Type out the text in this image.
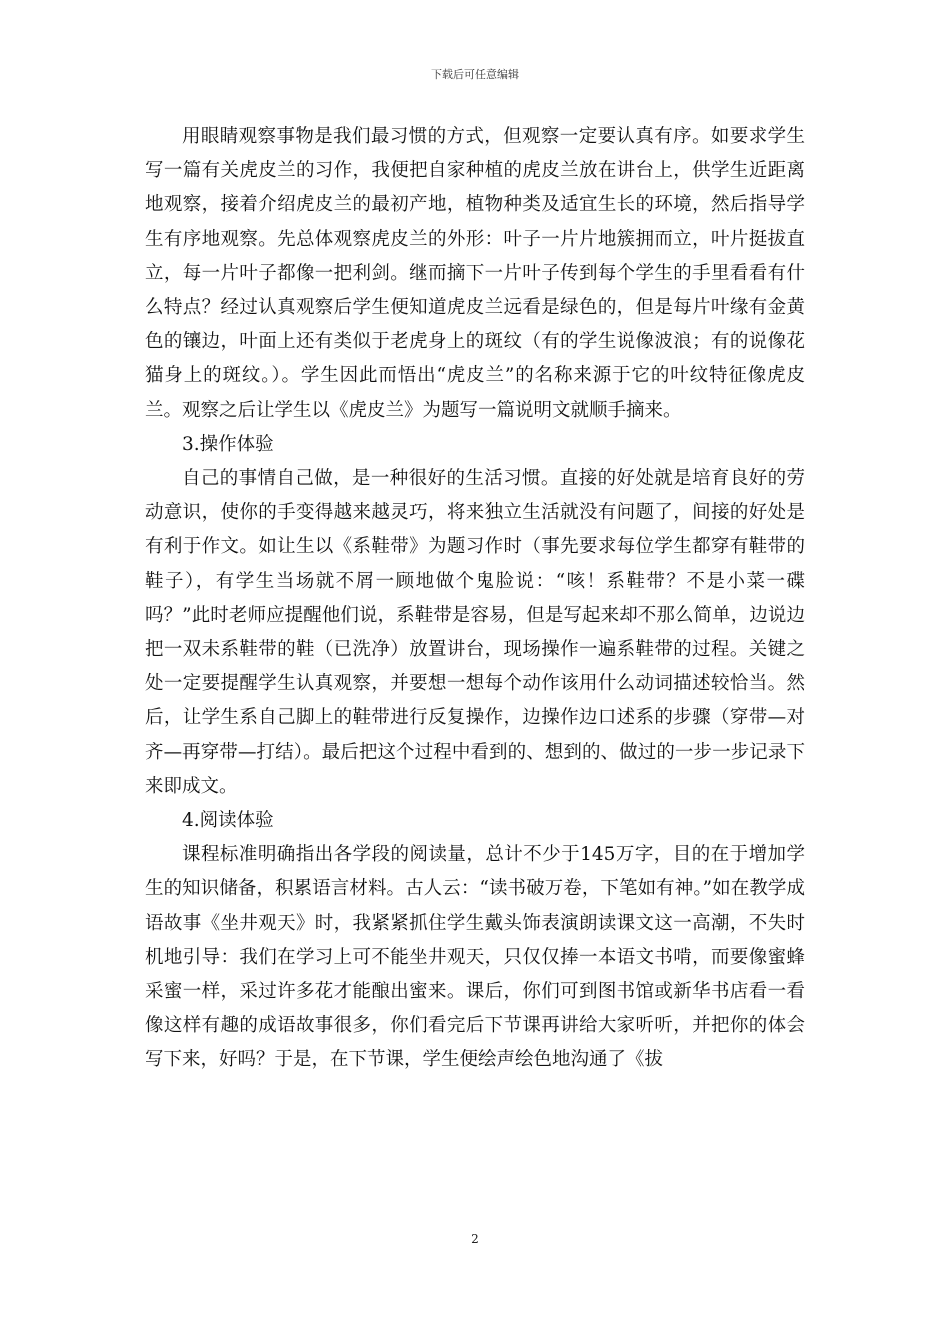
下载后可任意编辑

用眼睛观察事物是我们最习惯的方式，但观察一定要认真有序。如要求学生写一篇有关虎皮兰的习作，我便把自家种植的虎皮兰放在讲台上，供学生近距离地观察，接着介绍虎皮兰的最初产地，植物种类及适宜生长的环境，然后指导学生有序地观察。先总体观察虎皮兰的外形：叶子一片片地簇拥而立，叶片挺拔直立，每一片叶子都像一把利剑。继而摘下一片叶子传到每个学生的手里看看有什么特点？经过认真观察后学生便知道虎皮兰远看是绿色的，但是每片叶缘有金黄色的镶边，叶面上还有类似于老虎身上的斑纹（有的学生说像波浪；有的说像花猫身上的斑纹。）。学生因此而悟出“虎皮兰”的名称来源于它的叶纹特征像虎皮兰。观察之后让学生以《虎皮兰》为题写一篇说明文就顺手摘来。

3.操作体验

自己的事情自己做，是一种很好的生活习惯。直接的好处就是培育良好的劳动意识，使你的手变得越来越灵巧，将来独立生活就没有问题了，间接的好处是有利于作文。如让生以《系鞋带》为题习作时（事先要求每位学生都穿有鞋带的鞋子），有学生当场就不屑一顾地做个鬼脸说：“咳！系鞋带？不是小菜一碟吗？”此时老师应提醒他们说，系鞋带是容易，但是写起来却不那么简单，边说边把一双未系鞋带的鞋（已洗净）放置讲台，现场操作一遍系鞋带的过程。关键之处一定要提醒学生认真观察，并要想一想每个动作该用什么动词描述较恰当。然后，让学生系自己脚上的鞋带进行反复操作，边操作边口述系的步骤（穿带—对齐—再穿带—打结）。最后把这个过程中看到的、想到的、做过的一步一步记录下来即成文。

4.阅读体验

课程标准明确指出各学段的阅读量，总计不少于145万字，目的在于增加学生的知识储备，积累语言材料。古人云：“读书破万卷，下笔如有神。”如在教学成语故事《坐井观天》时，我紧紧抓住学生戴头饰表演朗读课文这一高潮，不失时机地引导：我们在学习上可不能坐井观天，只仅仅捧一本语文书啃，而要像蜜蜂采蜜一样，采过许多花才能酿出蜜来。课后，你们可到图书馆或新华书店看一看像这样有趣的成语故事很多，你们看完后下节课再讲给大家听听，并把你的体会写下来，好吗？于是，在下节课，学生便绘声绘色地沟通了《拔

2
